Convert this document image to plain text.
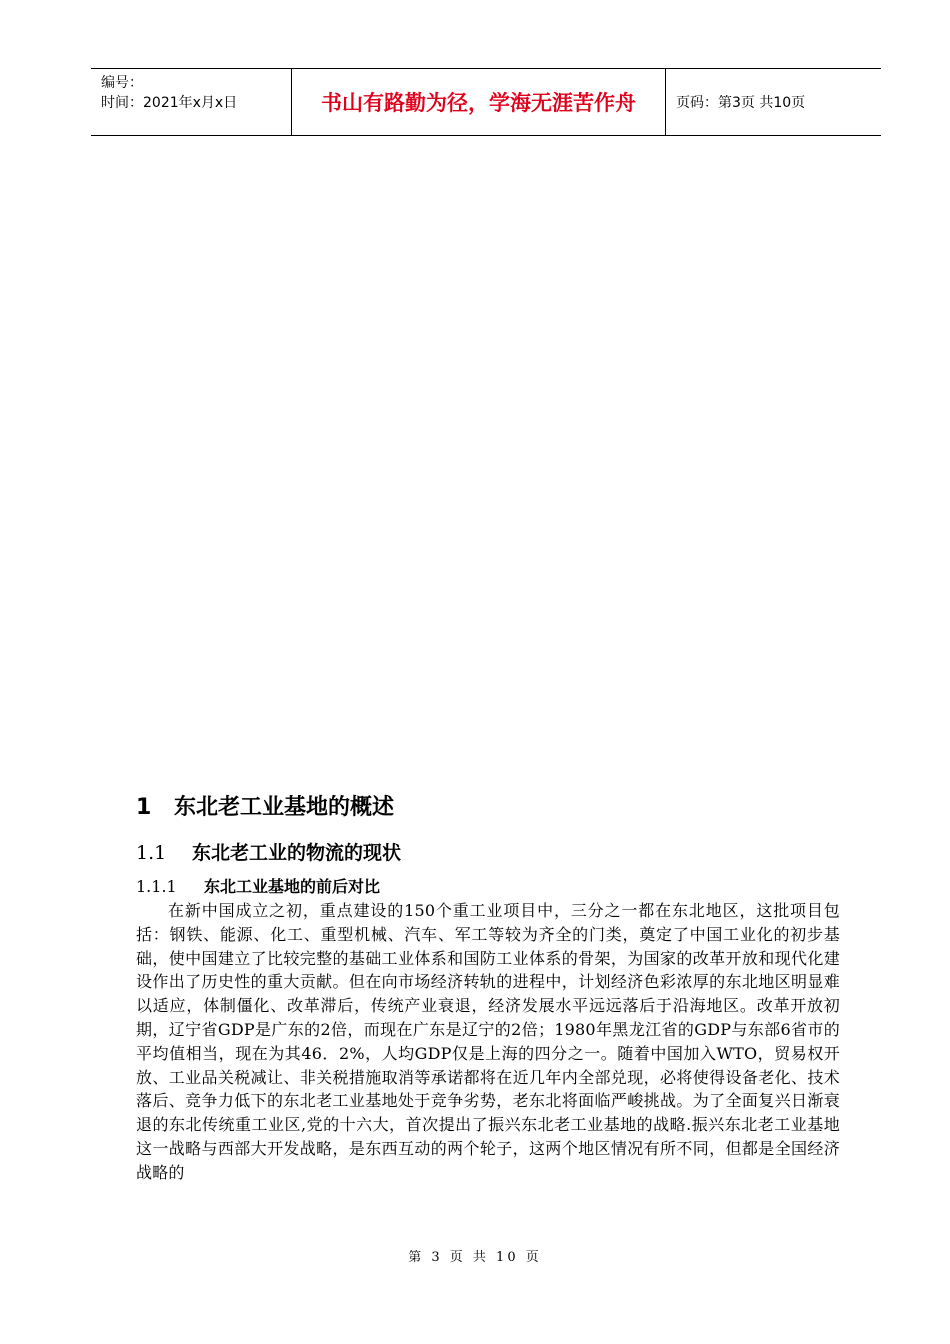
编号：
时间：2021年x月x日	书山有路勤为径，学海无涯苦作舟	页码：第3页 共10页
1 东北老工业基地的概述
1.1 东北老工业的物流的现状
1.1.1 东北工业基地的前后对比

在新中国成立之初，重点建设的150个重工业项目中，三分之一都在东北地区，这批项目包括：钢铁、能源、化工、重型机械、汽车、军工等较为齐全的门类，奠定了中国工业化的初步基础，使中国建立了比较完整的基础工业体系和国防工业体系的骨架，为国家的改革开放和现代化建设作出了历史性的重大贡献。但在向市场经济转轨的进程中，计划经济色彩浓厚的东北地区明显难以适应，体制僵化、改革滞后，传统产业衰退，经济发展水平远远落后于沿海地区。改革开放初期，辽宁省GDP是广东的2倍，而现在广东是辽宁的2倍；1980年黑龙江省的GDP与东部6省市的平均值相当，现在为其46．2%，人均GDP仅是上海的四分之一。随着中国加入WTO，贸易权开放、工业品关税减让、非关税措施取消等承诺都将在近几年内全部兑现，必将使得设备老化、技术落后、竞争力低下的东北老工业基地处于竞争劣势，老东北将面临严峻挑战。为了全面复兴日渐衰退的东北传统重工业区,党的十六大，首次提出了振兴东北老工业基地的战略.振兴东北老工业基地这一战略与西部大开发战略，是东西互动的两个轮子，这两个地区情况有所不同，但都是全国经济战略的

第 3 页 共 10 页
